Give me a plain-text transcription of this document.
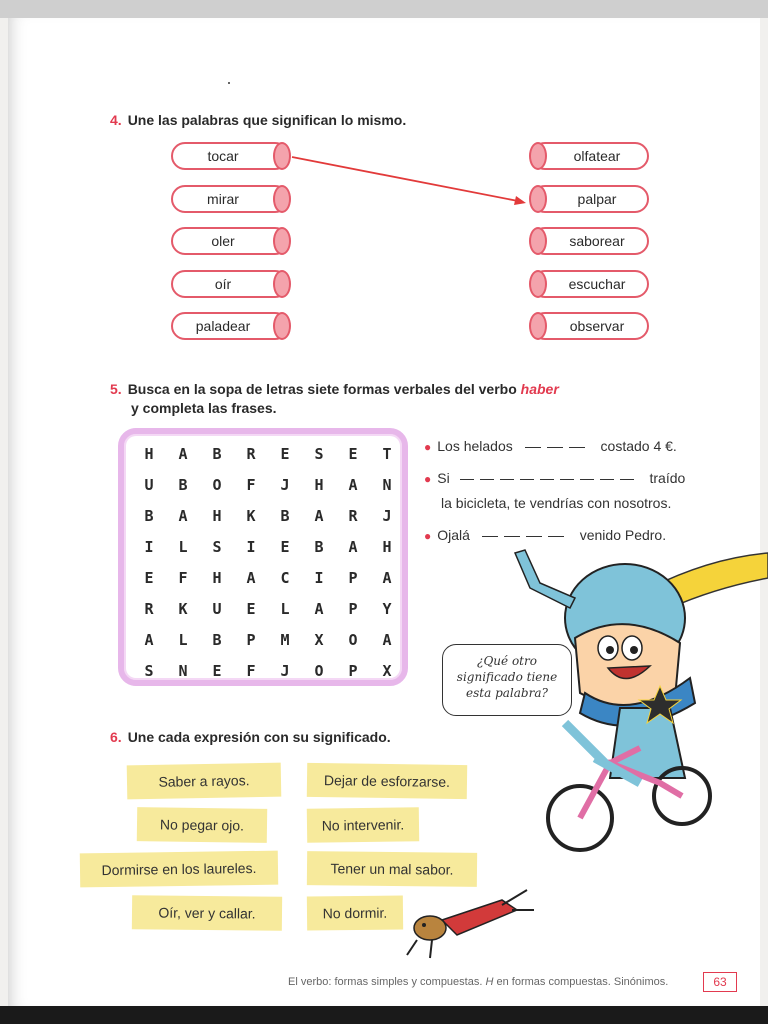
4. Une las palabras que significan lo mismo.
tocar
mirar
oler
oír
paladear
olfatear
palpar
saborear
escuchar
observar
5. Busca en la sopa de letras siete formas verbales del verbo haber
y completa las frases.
H	A	B	R	E	S	E	T
U	B	O	F	J	H	A	N
B	A	H	K	B	A	R	J
I	L	S	I	E	B	A	H
E	F	H	A	C	I	P	A
R	K	U	E	L	A	P	Y
A	L	B	P	M	X	O	A
S	N	E	F	J	O	P	X
● Los helados	costado 4 €.
● Si	traído
la bicicleta, te vendrías con nosotros.
● Ojalá	venido Pedro.
¿Qué otro significado tiene esta palabra?
6. Une cada expresión con su significado.
Saber a rayos.
No pegar ojo.
Dormirse en los laureles.
Oír, ver y callar.
Dejar de esforzarse.
No intervenir.
Tener un mal sabor.
No dormir.
El verbo: formas simples y compuestas. H en formas compuestas. Sinónimos.	63
